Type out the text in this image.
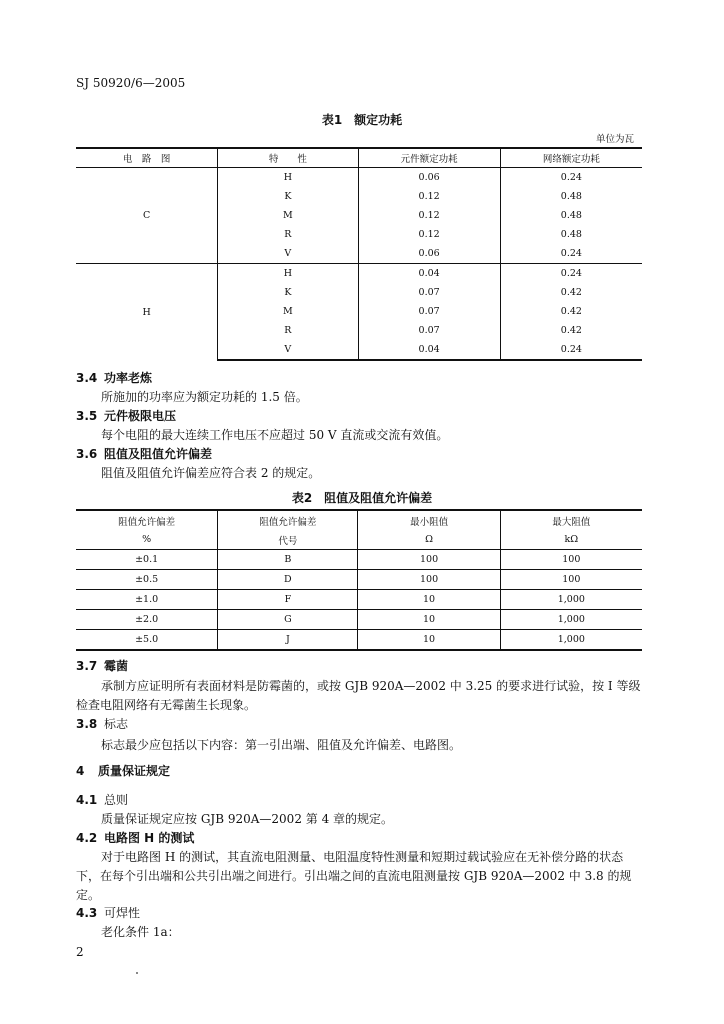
SJ 50920/6—2005
表1　额定功耗
单位为瓦
电　路　图	特　　性	元件额定功耗	网络额定功耗
C	H	0.06	0.24
	K	0.12	0.48
	M	0.12	0.48
	R	0.12	0.48
	V	0.06	0.24
H	H	0.04	0.24
	K	0.07	0.42
	M	0.07	0.42
	R	0.07	0.42
	V	0.04	0.24
3.4 功率老炼
所施加的功率应为额定功耗的 1.5 倍。
3.5 元件极限电压
每个电阻的最大连续工作电压不应超过 50 V 直流或交流有效值。
3.6 阻值及阻值允许偏差
阻值及阻值允许偏差应符合表 2 的规定。
表2　阻值及阻值允许偏差
阻值允许偏差	阻值允许偏差	最小阻值	最大阻值
%	代号	Ω	kΩ
±0.1	B	100	100
±0.5	D	100	100
±1.0	F	10	1,000
±2.0	G	10	1,000
±5.0	J	10	1,000
3.7 霉菌
承制方应证明所有表面材料是防霉菌的，或按 GJB 920A—2002 中 3.25 的要求进行试验，按 I 等级检查电阻网络有无霉菌生长现象。
3.8 标志
标志最少应包括以下内容：第一引出端、阻值及允许偏差、电路图。
4 质量保证规定
4.1 总则
质量保证规定应按 GJB 920A—2002 第 4 章的规定。
4.2 电路图 H 的测试
对于电路图 H 的测试，其直流电阻测量、电阻温度特性测量和短期过载试验应在无补偿分路的状态下，在每个引出端和公共引出端之间进行。引出端之间的直流电阻测量按 GJB 920A—2002 中 3.8 的规定。
4.3 可焊性
老化条件 1a：
2
